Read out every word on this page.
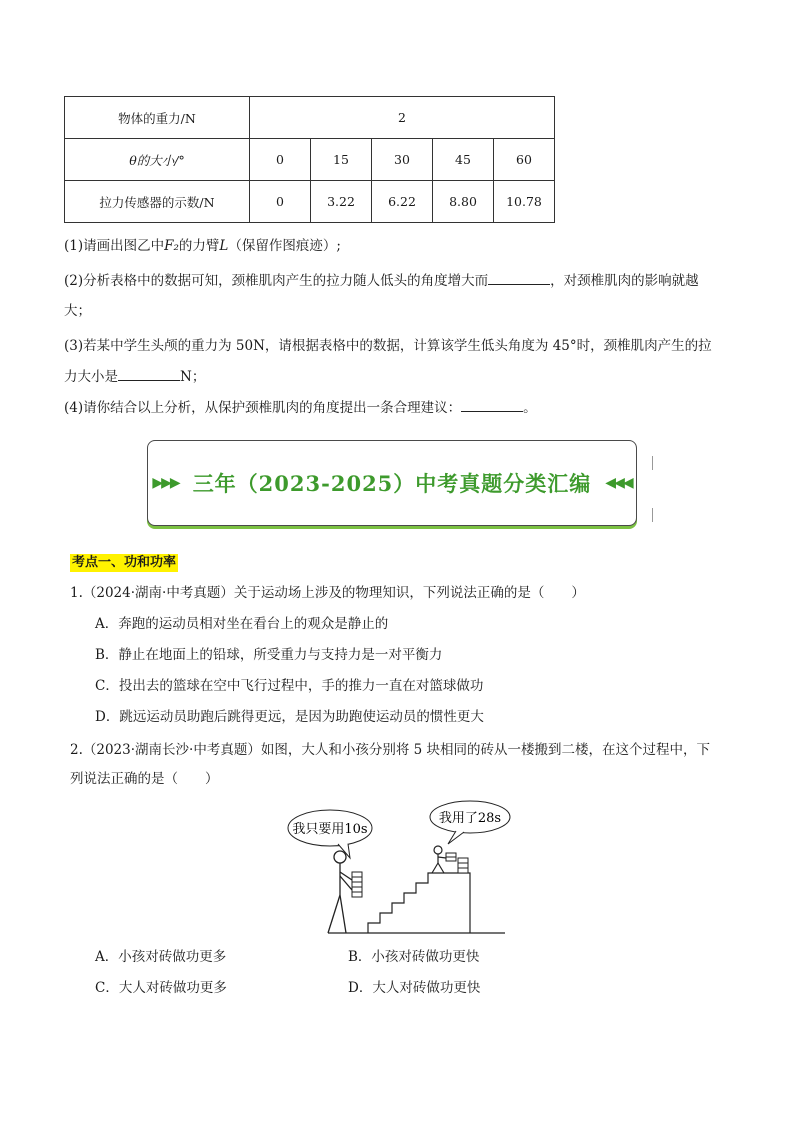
物体的重力/N	2				
θ的大小/°	0	15	30	45	60
拉力传感器的示数/N	0	3.22	6.22	8.80	10.78
(1)请画出图乙中F₂的力臂L（保留作图痕迹）;
(2)分析表格中的数据可知，颈椎肌肉产生的拉力随人低头的角度增大而	，对颈椎肌肉的影响就越
大；
(3)若某中学生头颅的重力为 50N，请根据表格中的数据，计算该学生低头角度为 45°时，颈椎肌肉产生的拉
力大小是	N；
(4)请你结合以上分析，从保护颈椎肌肉的角度提出一条合理建议：	。
▶▶▶ 三年（2023-2025）中考真题分类汇编 ◀◀◀
考点一、功和功率
1.（2024·湖南·中考真题）关于运动场上涉及的物理知识，下列说法正确的是（　　）
A．奔跑的运动员相对坐在看台上的观众是静止的
B．静止在地面上的铅球，所受重力与支持力是一对平衡力
C．投出去的篮球在空中飞行过程中，手的推力一直在对篮球做功
D．跳远运动员助跑后跳得更远，是因为助跑使运动员的惯性更大
2.（2023·湖南长沙·中考真题）如图，大人和小孩分别将 5 块相同的砖从一楼搬到二楼，在这个过程中，下
列说法正确的是（　　）
我只要用10s
我用了28s
A．小孩对砖做功更多	B．小孩对砖做功更快
C．大人对砖做功更多	D．大人对砖做功更快
